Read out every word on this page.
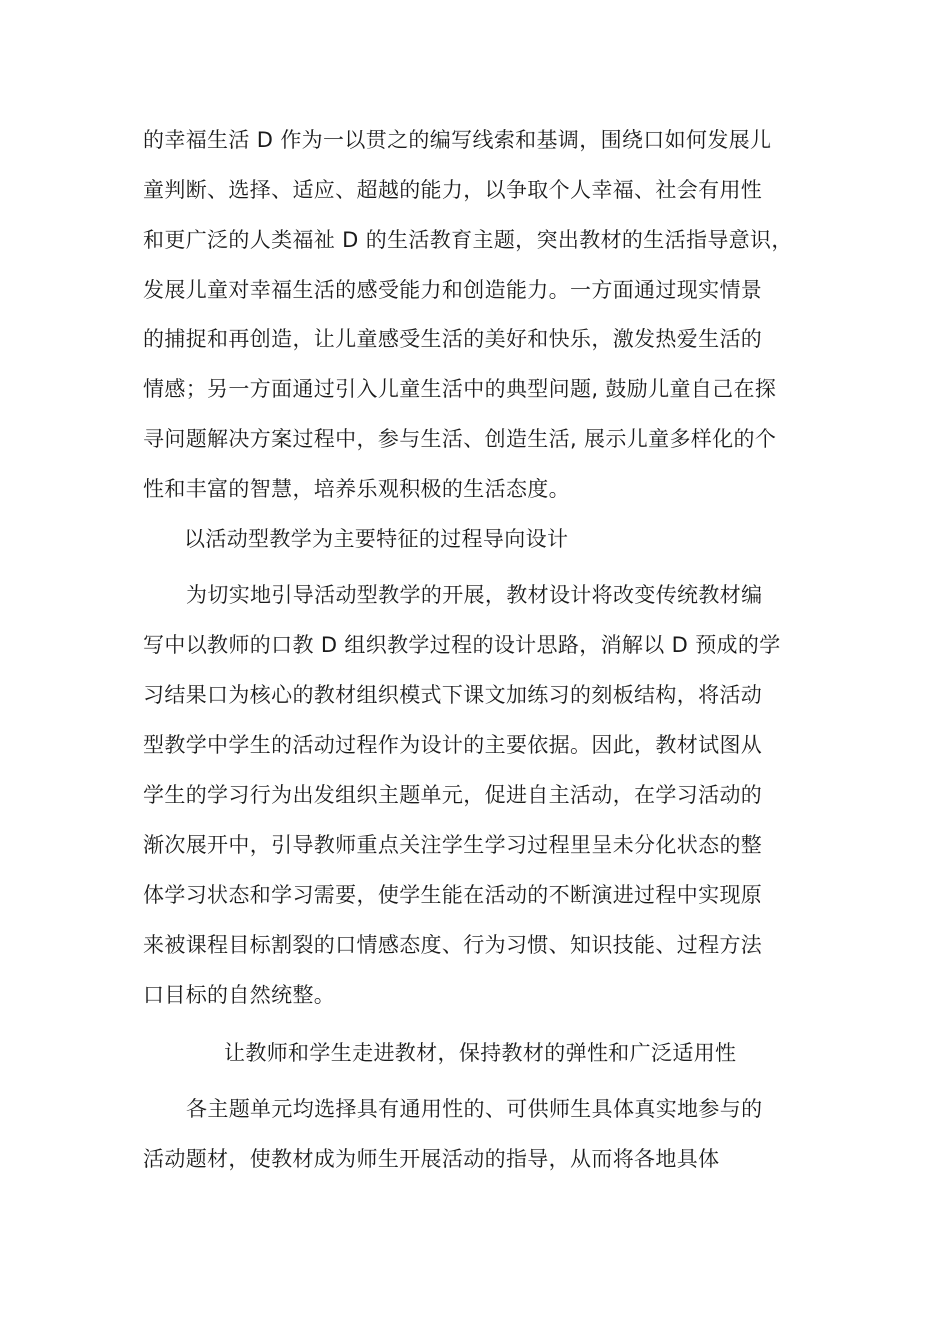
的幸福生活 D 作为一以贯之的编写线索和基调，围绕口如何发展儿
童判断、选择、适应、超越的能力，以争取个人幸福、社会有用性
和更广泛的人类福祉 D 的生活教育主题，突出教材的生活指导意识，
发展儿童对幸福生活的感受能力和创造能力。一方面通过现实情景
的捕捉和再创造，让儿童感受生活的美好和快乐，激发热爱生活的
情感；另一方面通过引入儿童生活中的典型问题, 鼓励儿童自己在探
寻问题解决方案过程中，参与生活、创造生活, 展示儿童多样化的个
性和丰富的智慧，培养乐观积极的生活态度。
以活动型教学为主要特征的过程导向设计
为切实地引导活动型教学的开展，教材设计将改变传统教材编
写中以教师的口教 D 组织教学过程的设计思路，消解以 D 预成的学
习结果口为核心的教材组织模式下课文加练习的刻板结构，将活动
型教学中学生的活动过程作为设计的主要依据。因此，教材试图从
学生的学习行为出发组织主题单元，促进自主活动，在学习活动的
渐次展开中，引导教师重点关注学生学习过程里呈未分化状态的整
体学习状态和学习需要，使学生能在活动的不断演进过程中实现原
来被课程目标割裂的口情感态度、行为习惯、知识技能、过程方法
口目标的自然统整。
让教师和学生走进教材，保持教材的弹性和广泛适用性
各主题单元均选择具有通用性的、可供师生具体真实地参与的
活动题材，使教材成为师生开展活动的指导，从而将各地具体
